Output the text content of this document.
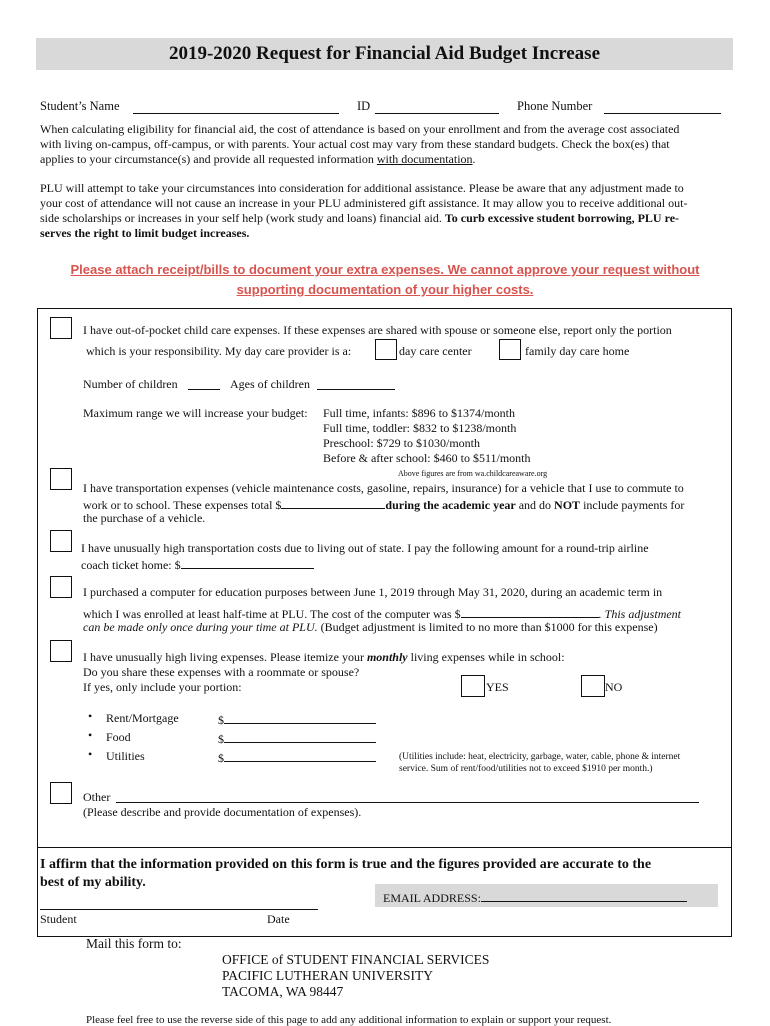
2019-2020 Request for Financial Aid Budget Increase
Student’s Name	ID	Phone Number
When calculating eligibility for financial aid, the cost of attendance is based on your enrollment and from the average cost associated
with living on-campus, off-campus, or with parents. Your actual cost may vary from these standard budgets. Check the box(es) that
applies to your circumstance(s) and provide all requested information with documentation.
PLU will attempt to take your circumstances into consideration for additional assistance. Please be aware that any adjustment made to
your cost of attendance will not cause an increase in your PLU administered gift assistance. It may allow you to receive additional out-
side scholarships or increases in your self help (work study and loans) financial aid. To curb excessive student borrowing, PLU re-
serves the right to limit budget increases.
Please attach receipt/bills to document your extra expenses. We cannot approve your request without
supporting documentation of your higher costs.
I have out-of-pocket child care expenses. If these expenses are shared with spouse or someone else, report only the portion
which is your responsibility. My day care provider is a:	day care center	family day care home
Number of children	Ages of children
Maximum range we will increase your budget: Full time, infants: $896 to $1374/month
Full time, toddler: $832 to $1238/month
Preschool: $729 to $1030/month
Before & after school: $460 to $511/month
Above figures are from wa.childcareaware.org
I have transportation expenses (vehicle maintenance costs, gasoline, repairs, insurance) for a vehicle that I use to commute to
work or to school. These expenses total $	during the academic year and do NOT include payments for
the purchase of a vehicle.
I have unusually high transportation costs due to living out of state. I pay the following amount for a round-trip airline
coach ticket home: $
I purchased a computer for education purposes between June 1, 2019 through May 31, 2020, during an academic term in
which I was enrolled at least half-time at PLU. The cost of the computer was $	. This adjustment
can be made only once during your time at PLU. (Budget adjustment is limited to no more than $1000 for this expense)
I have unusually high living expenses. Please itemize your monthly living expenses while in school:
Do you share these expenses with a roommate or spouse?
If yes, only include your portion:	YES	NO
• Rent/Mortgage	$
• Food	$
• Utilities	$	(Utilities include: heat, electricity, garbage, water, cable, phone & internet
service. Sum of rent/food/utilities not to exceed $1910 per month.)
Other
(Please describe and provide documentation of expenses).
I affirm that the information provided on this form is true and the figures provided are accurate to the
best of my ability.
EMAIL ADDRESS:
Student	Date
Mail this form to:
OFFICE of STUDENT FINANCIAL SERVICES
PACIFIC LUTHERAN UNIVERSITY
TACOMA, WA 98447
Please feel free to use the reverse side of this page to add any additional information to explain or support your request.
